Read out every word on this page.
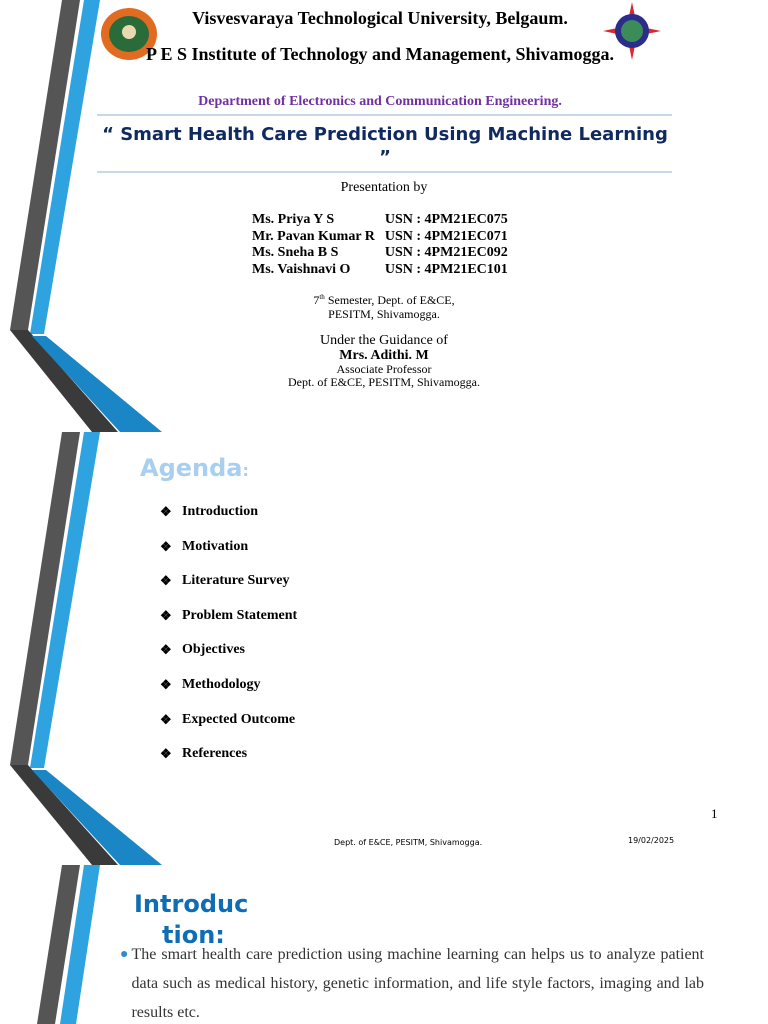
Visvesvaraya Technological University, Belgaum.
P E S Institute of Technology and Management, Shivamogga.
Department of Electronics and Communication Engineering.
“ Smart Health Care Prediction Using Machine Learning ”
Presentation by
Ms. Priya Y S	USN : 4PM21EC075
Mr. Pavan Kumar R	USN : 4PM21EC071
Ms. Sneha B S	USN : 4PM21EC092
Ms. Vaishnavi O	USN : 4PM21EC101
7th Semester, Dept. of E&CE,
PESITM, Shivamogga.
Under the Guidance of
Mrs. Adithi. M
Associate Professor
Dept. of E&CE, PESITM, Shivamogga.
Agenda:
❖ Introduction
❖ Motivation
❖ Literature Survey
❖ Problem Statement
❖ Objectives
❖ Methodology
❖ Expected Outcome
❖ References
1
Dept. of E&CE, PESITM, Shivamogga.	19/02/2025
Introduc
tion:
● The smart health care prediction using machine learning can helps us to analyze patient data such as medical history, genetic information, and life style factors, imaging and lab results etc.
